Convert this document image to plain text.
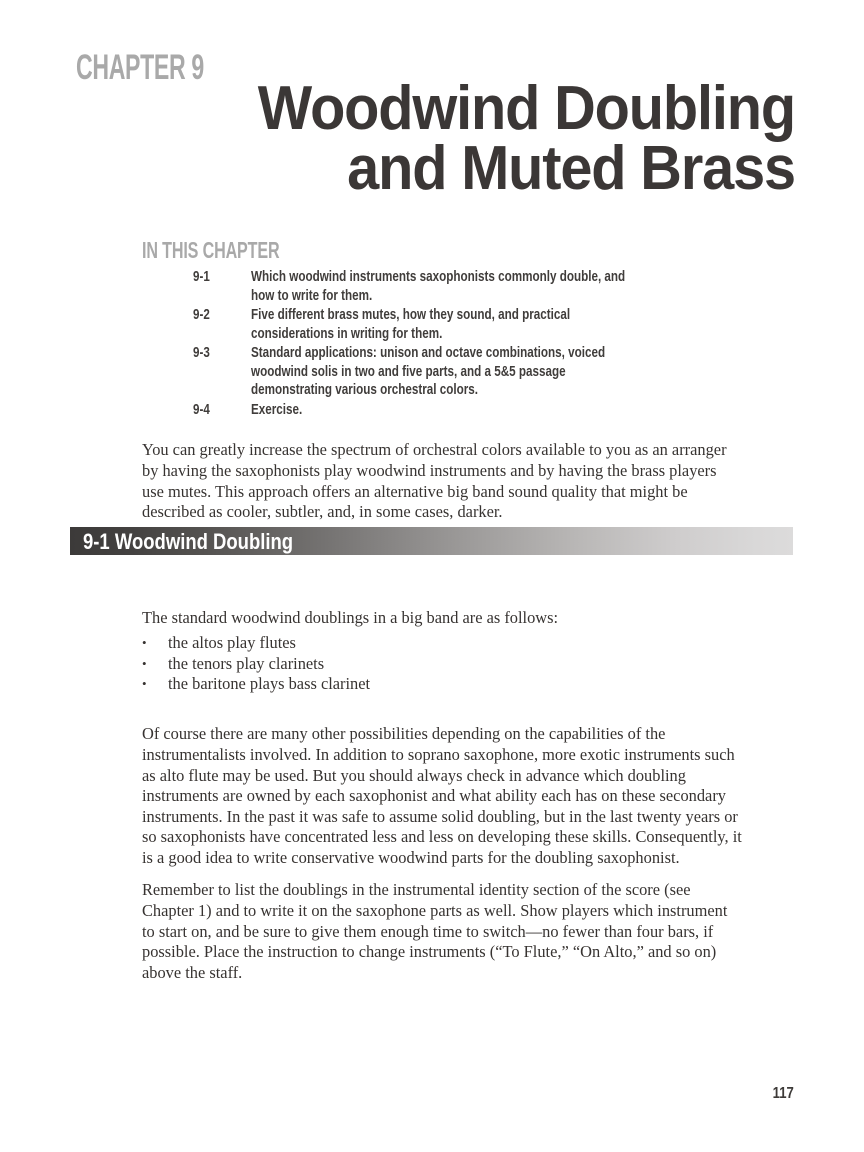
CHAPTER 9
Woodwind Doubling
and Muted Brass
IN THIS CHAPTER
9-1	Which woodwind instruments saxophonists commonly double, and how to write for them.
9-2	Five different brass mutes, how they sound, and practical considerations in writing for them.
9-3	Standard applications: unison and octave combinations, voiced woodwind solis in two and five parts, and a 5&5 passage demonstrating various orchestral colors.
9-4	Exercise.

You can greatly increase the spectrum of orchestral colors available to you as an arranger by having the saxophonists play woodwind instruments and by having the brass players use mutes. This approach offers an alternative big band sound quality that might be described as cooler, subtler, and, in some cases, darker.

9-1 Woodwind Doubling

The standard woodwind doublings in a big band are as follows:

•	the altos play flutes
•	the tenors play clarinets
•	the baritone plays bass clarinet

Of course there are many other possibilities depending on the capabilities of the instrumentalists involved. In addition to soprano saxophone, more exotic instruments such as alto flute may be used. But you should always check in advance which doubling instruments are owned by each saxophonist and what ability each has on these secondary instruments. In the past it was safe to assume solid doubling, but in the last twenty years or so saxophonists have concentrated less and less on developing these skills. Consequently, it is a good idea to write conservative woodwind parts for the doubling saxophonist.

Remember to list the doublings in the instrumental identity section of the score (see Chapter 1) and to write it on the saxophone parts as well. Show players which instrument to start on, and be sure to give them enough time to switch—no fewer than four bars, if possible. Place the instruction to change instruments (“To Flute,” “On Alto,” and so on) above the staff.

117
